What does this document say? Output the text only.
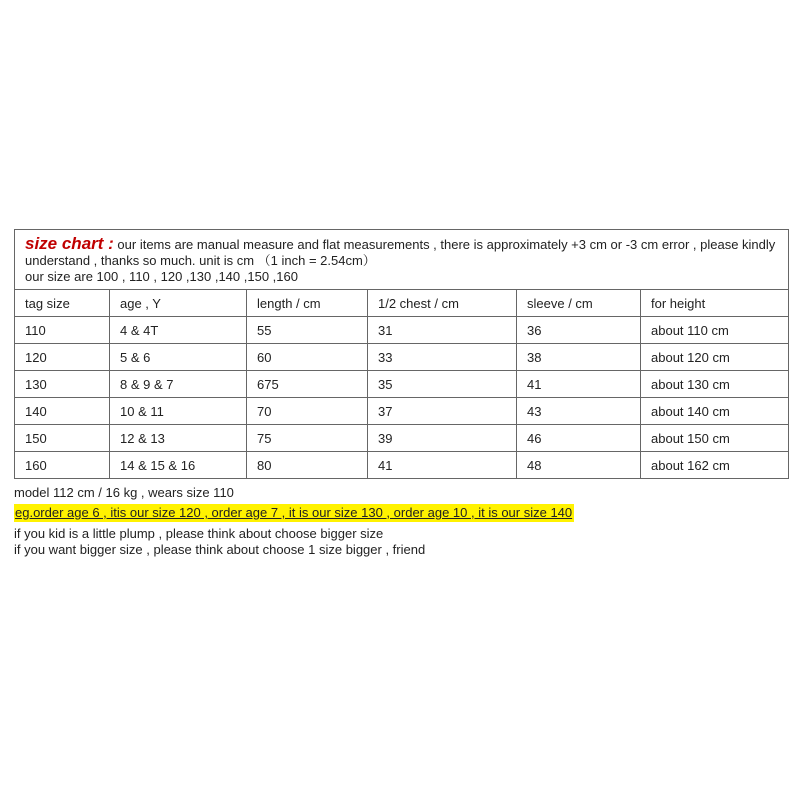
size chart : our items are manual measure and flat measurements , there is approximately +3 cm or -3 cm error , please kindly understand , thanks so much. unit is cm （1 inch = 2.54cm）
our size are 100 , 110 , 120 ,130 ,140 ,150 ,160					
tag size	age , Y	length / cm	1/2 chest / cm	sleeve / cm	for height
110	4 & 4T	55	31	36	about 110 cm
120	5 & 6	60	33	38	about 120 cm
130	8 & 9 & 7	675	35	41	about 130 cm
140	10 & 11	70	37	43	about 140 cm
150	12 & 13	75	39	46	about 150 cm
160	14 & 15 & 16	80	41	48	about 162 cm
model 112 cm / 16 kg , wears size 110
eg.order age 6 , itis our size 120 , order age 7 , it is our size 130 , order age 10 , it is our size 140
if you kid is a little plump , please think about choose bigger size
if you want bigger size , please think about choose 1 size bigger , friend
